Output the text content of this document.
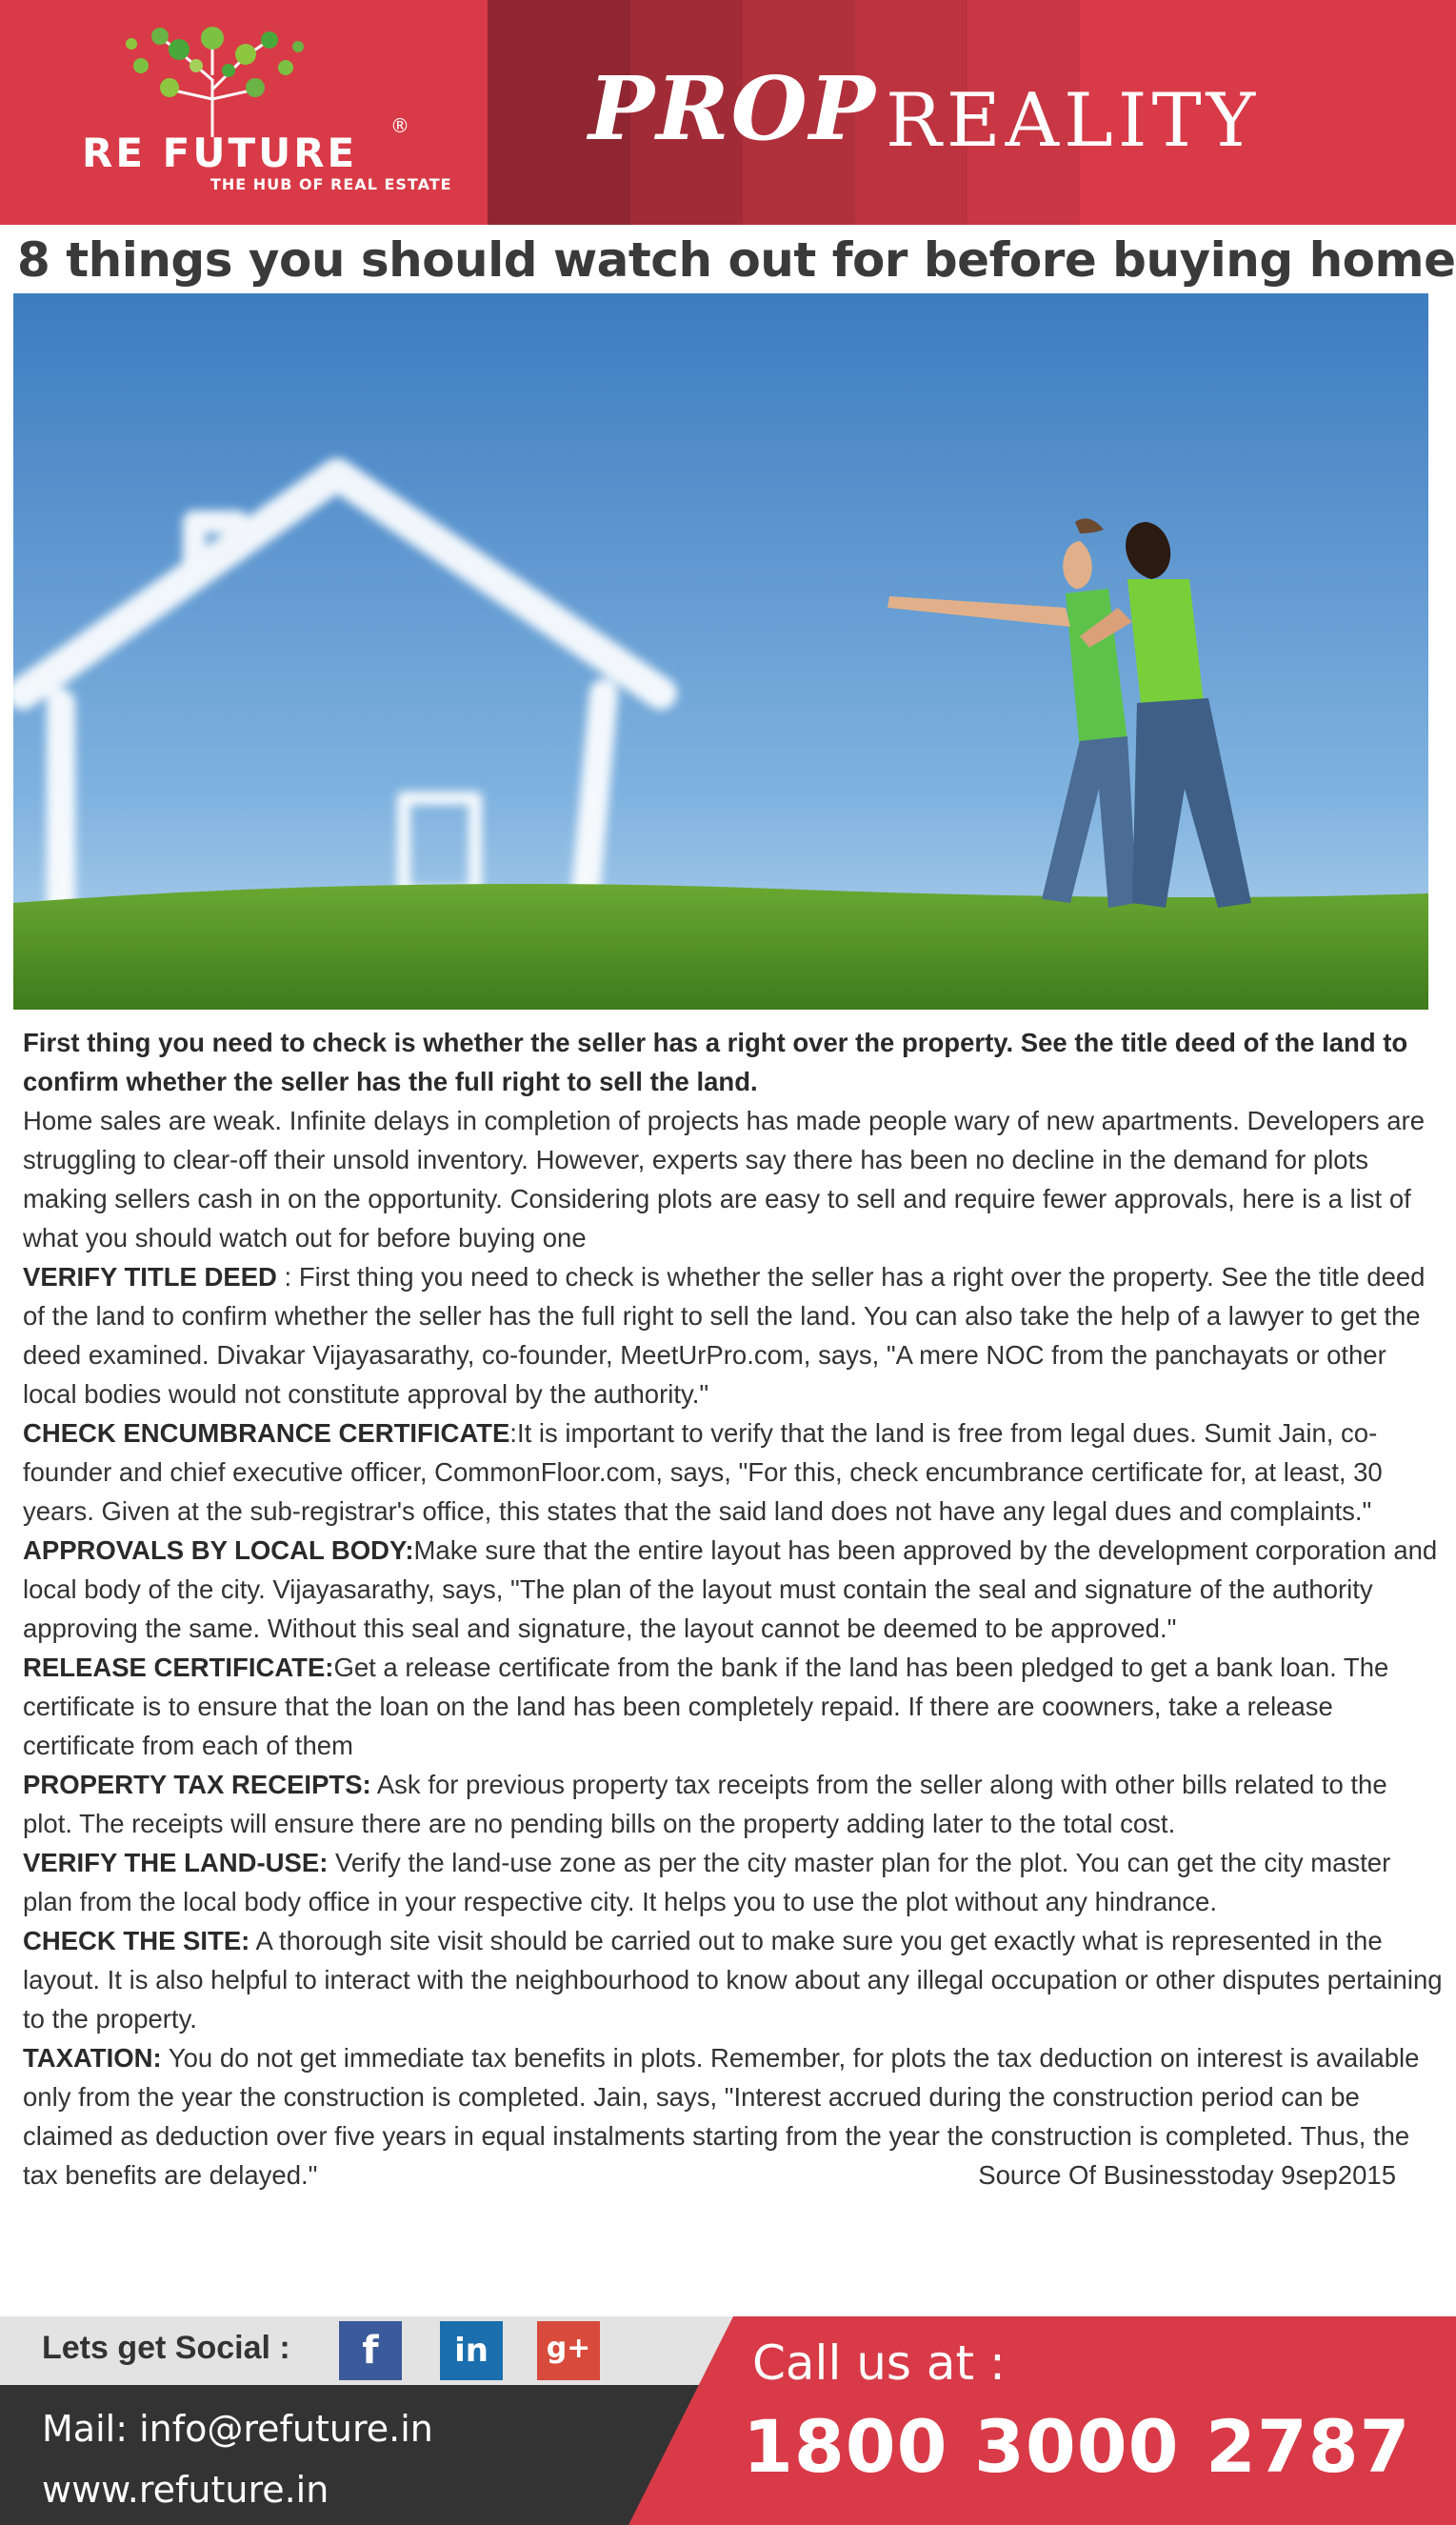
RE FUTURE
®
THE HUB OF REAL ESTATE
PROP REALITY
8 things you should watch out for before buying home

First thing you need to check is whether the seller has a right over the property. See the title deed of the land to confirm whether the seller has the full right to sell the land.

Home sales are weak. Infinite delays in completion of projects has made people wary of new apartments. Developers are struggling to clear-off their unsold inventory. However, experts say there has been no decline in the demand for plots making sellers cash in on the opportunity. Considering plots are easy to sell and require fewer approvals, here is a list of what you should watch out for before buying one

VERIFY TITLE DEED : First thing you need to check is whether the seller has a right over the property. See the title deed of the land to confirm whether the seller has the full right to sell the land. You can also take the help of a lawyer to get the deed examined. Divakar Vijayasarathy, co-founder, MeetUrPro.com, says, "A mere NOC from the panchayats or other local bodies would not constitute approval by the authority."

CHECK ENCUMBRANCE CERTIFICATE:It is important to verify that the land is free from legal dues. Sumit Jain, co-founder and chief executive officer, CommonFloor.com, says, "For this, check encumbrance certificate for, at least, 30 years. Given at the sub-registrar's office, this states that the said land does not have any legal dues and complaints."

APPROVALS BY LOCAL BODY:Make sure that the entire layout has been approved by the development corporation and local body of the city. Vijayasarathy, says, "The plan of the layout must contain the seal and signature of the authority approving the same. Without this seal and signature, the layout cannot be deemed to be approved."

RELEASE CERTIFICATE:Get a release certificate from the bank if the land has been pledged to get a bank loan. The certificate is to ensure that the loan on the land has been completely repaid. If there are coowners, take a release certificate from each of them

PROPERTY TAX RECEIPTS: Ask for previous property tax receipts from the seller along with other bills related to the plot. The receipts will ensure there are no pending bills on the property adding later to the total cost.

VERIFY THE LAND-USE: Verify the land-use zone as per the city master plan for the plot. You can get the city master plan from the local body office in your respective city. It helps you to use the plot without any hindrance.

CHECK THE SITE: A thorough site visit should be carried out to make sure you get exactly what is represented in the layout. It is also helpful to interact with the neighbourhood to know about any illegal occupation or other disputes pertaining to the property.

TAXATION: You do not get immediate tax benefits in plots. Remember, for plots the tax deduction on interest is available only from the year the construction is completed. Jain, says, "Interest accrued during the construction period can be claimed as deduction over five years in equal instalments starting from the year the construction is completed. Thus, the tax benefits are delayed."	Source Of Businesstoday 9sep2015
Lets get Social :	f	in	g+	Call us at :
1800 3000 2787
Mail: info@refuture.in
www.refuture.in
